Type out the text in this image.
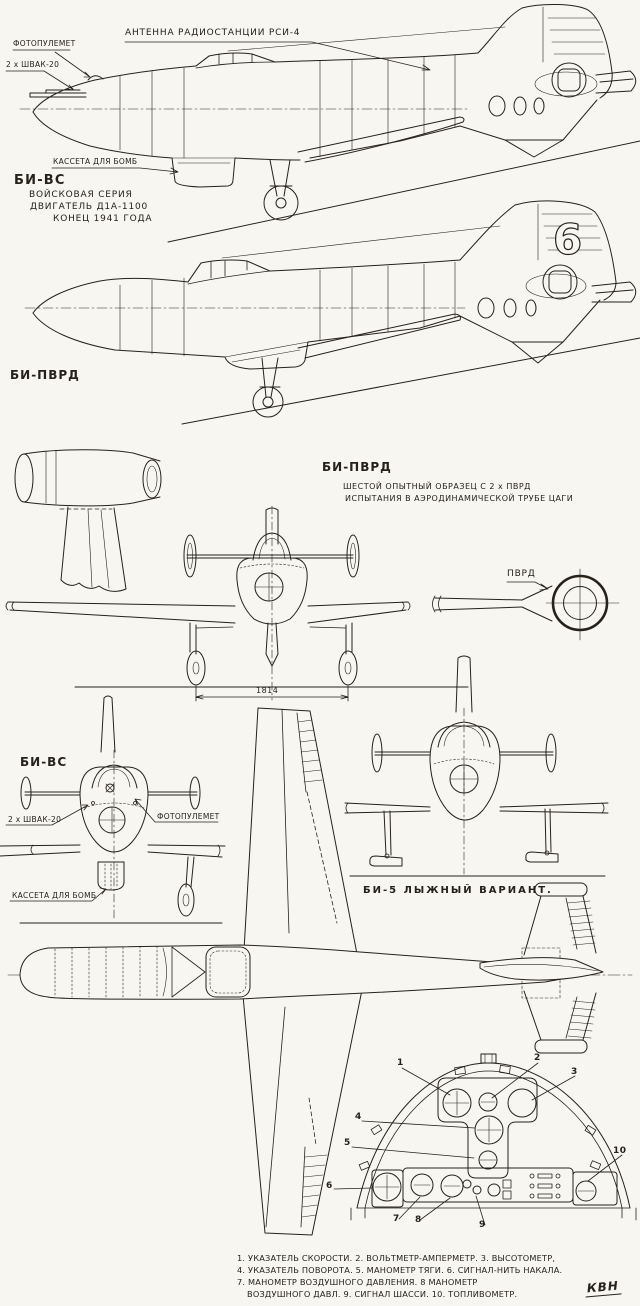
6
ФОТОПУЛЕМЕТ
2 х ШВАК-20
АНТЕННА РАДИОСТАНЦИИ РСИ-4
КАССЕТА ДЛЯ БОМБ
БИ-ВС
ВОЙСКОВАЯ СЕРИЯ
ДВИГАТЕЛЬ Д1А-1100
КОНЕЦ 1941 ГОДА
БИ-ПВРД
БИ-ПВРД
ШЕСТОЙ ОПЫТНЫЙ ОБРАЗЕЦ С 2 х ПВРД
ИСПЫТАНИЯ В АЭРОДИНАМИЧЕСКОЙ ТРУБЕ ЦАГИ
ПВРД
1814
БИ-ВС
2 х ШВАК-20	ФОТОПУЛЕМЕТ
КАССЕТА ДЛЯ БОМБ	БИ-5 ЛЫЖНЫЙ ВАРИАНТ.
1	2
3
4
5
6
7 8	9
10
1. УКАЗАТЕЛЬ СКОРОСТИ. 2. ВОЛЬТМЕТР-АМПЕРМЕТР. 3. ВЫСОТОМЕТР,
4. УКАЗАТЕЛЬ ПОВОРОТА. 5. МАНОМЕТР ТЯГИ. 6. СИГНАЛ-НИТЬ НАКАЛА.
7. МАНОМЕТР ВОЗДУШНОГО ДАВЛЕНИЯ. 8 МАНОМЕТР
ВОЗДУШНОГО ДАВЛ. 9. СИГНАЛ ШАССИ. 10. ТОПЛИВОМЕТР.	КВН
